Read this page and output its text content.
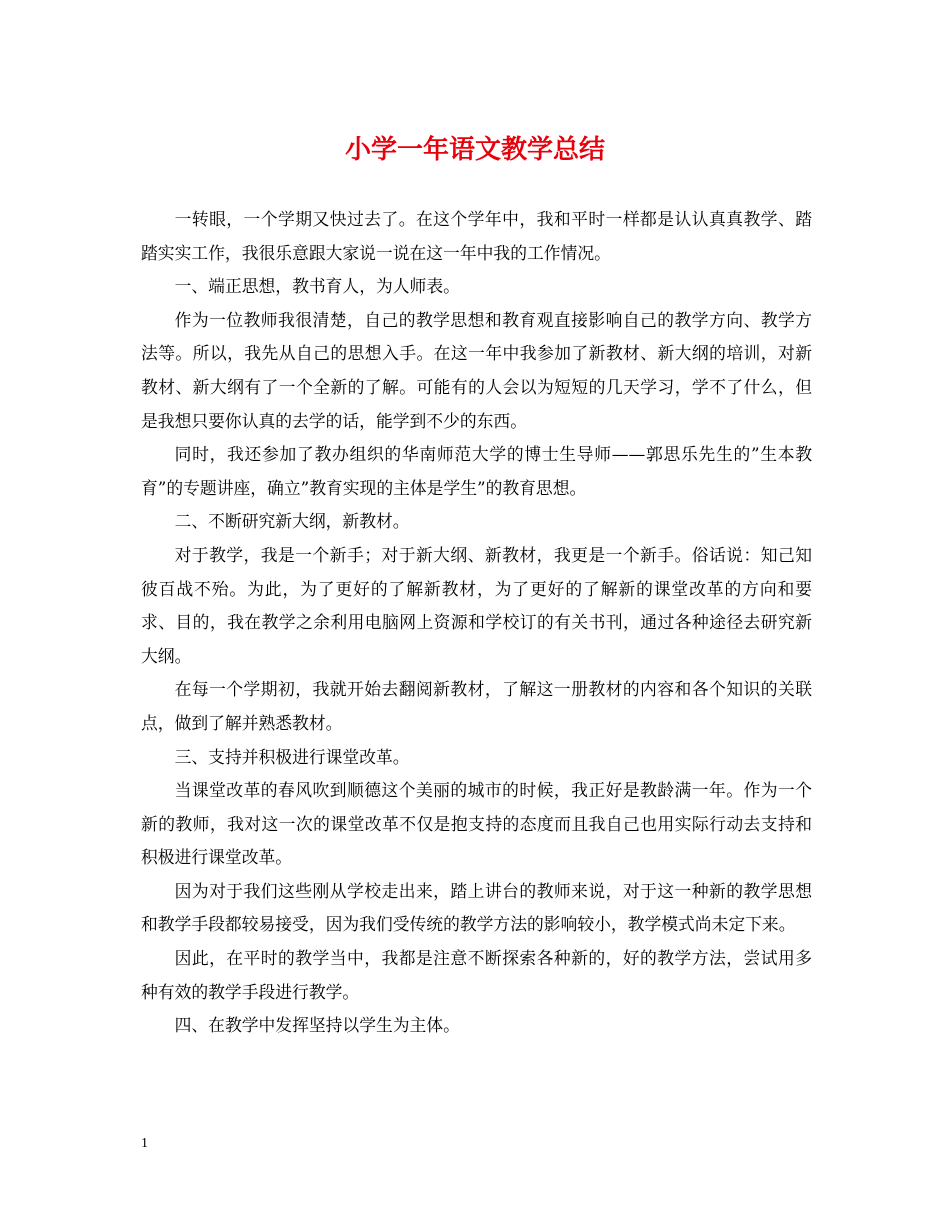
小学一年语文教学总结

一转眼，一个学期又快过去了。在这个学年中，我和平时一样都是认认真真教学、踏踏实实工作，我很乐意跟大家说一说在这一年中我的工作情况。

一、端正思想，教书育人，为人师表。

作为一位教师我很清楚，自己的教学思想和教育观直接影响自己的教学方向、教学方法等。所以，我先从自己的思想入手。在这一年中我参加了新教材、新大纲的培训，对新教材、新大纲有了一个全新的了解。可能有的人会以为短短的几天学习，学不了什么，但是我想只要你认真的去学的话，能学到不少的东西。

同时，我还参加了教办组织的华南师范大学的博士生导师——郭思乐先生的”生本教育”的专题讲座，确立”教育实现的主体是学生”的教育思想。

二、不断研究新大纲，新教材。

对于教学，我是一个新手；对于新大纲、新教材，我更是一个新手。俗话说：知己知彼百战不殆。为此，为了更好的了解新教材，为了更好的了解新的课堂改革的方向和要求、目的，我在教学之余利用电脑网上资源和学校订的有关书刊，通过各种途径去研究新大纲。

在每一个学期初，我就开始去翻阅新教材，了解这一册教材的内容和各个知识的关联点，做到了解并熟悉教材。

三、支持并积极进行课堂改革。

当课堂改革的春风吹到顺德这个美丽的城市的时候，我正好是教龄满一年。作为一个新的教师，我对这一次的课堂改革不仅是抱支持的态度而且我自己也用实际行动去支持和积极进行课堂改革。

因为对于我们这些刚从学校走出来，踏上讲台的教师来说，对于这一种新的教学思想和教学手段都较易接受，因为我们受传统的教学方法的影响较小，教学模式尚未定下来。

因此，在平时的教学当中，我都是注意不断探索各种新的，好的教学方法，尝试用多种有效的教学手段进行教学。

四、在教学中发挥坚持以学生为主体。

1
